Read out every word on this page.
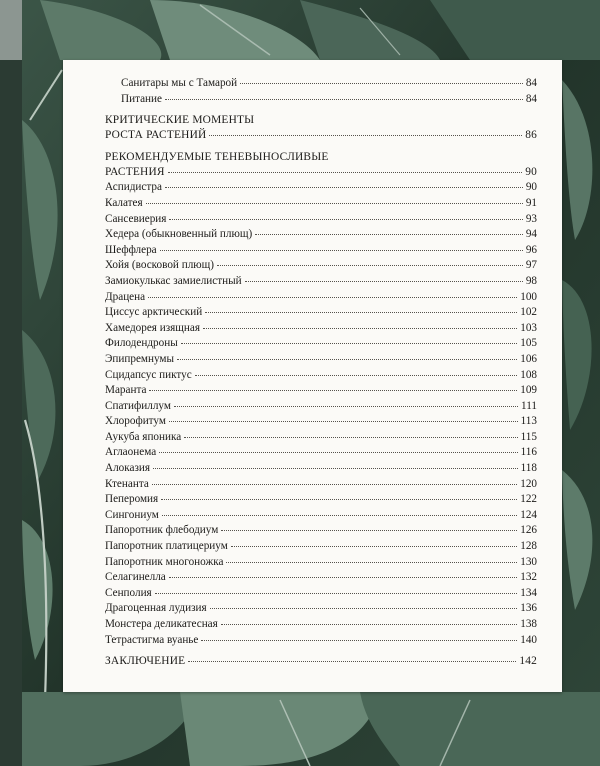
Санитары мы с Тамарой	84
Питание	84
КРИТИЧЕСКИЕ МОМЕНТЫ
РОСТА РАСТЕНИЙ	86
РЕКОМЕНДУЕМЫЕ ТЕНЕВЫНОСЛИВЫЕ
РАСТЕНИЯ	90
Аспидистра	90
Калатея	91
Сансевиерия	93
Хедера (обыкновенный плющ)	94
Шеффлера	96
Хойя (восковой плющ)	97
Замиокулькас замиелистный	98
Драцена	100
Циссус арктический	102
Хамедорея изящная	103
Филодендроны	105
Эпипремнумы	106
Сцидапсус пиктус	108
Маранта	109
Спатифиллум	111
Хлорофитум	113
Аукуба японика	115
Аглаонема	116
Алоказия	118
Ктенанта	120
Пеперомия	122
Сингониум	124
Папоротник флебодиум	126
Папоротник платицериум	128
Папоротник многоножка	130
Селагинелла	132
Сенполия	134
Драгоценная лудизия	136
Монстера деликатесная	138
Тетрастигма вуанье	140
ЗАКЛЮЧЕНИЕ	142
